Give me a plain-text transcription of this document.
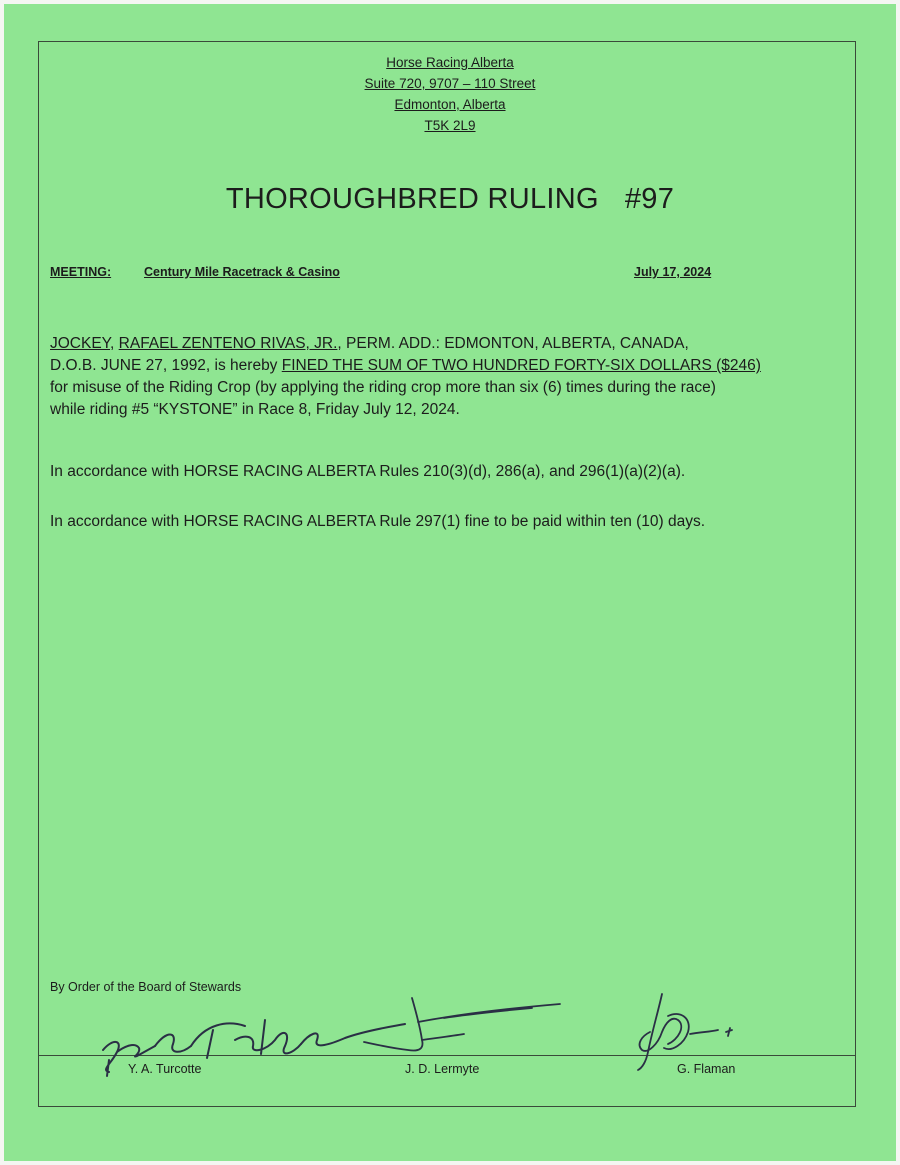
Horse Racing Alberta
Suite 720, 9707 – 110 Street
Edmonton, Alberta
T5K 2L9
THOROUGHBRED RULING #97
MEETING:	Century Mile Racetrack & Casino	July 17, 2024
JOCKEY, RAFAEL ZENTENO RIVAS, JR., PERM. ADD.: EDMONTON, ALBERTA, CANADA,
D.O.B. JUNE 27, 1992, is hereby FINED THE SUM OF TWO HUNDRED FORTY-SIX DOLLARS ($246)
for misuse of the Riding Crop (by applying the riding crop more than six (6) times during the race)
while riding #5 “KYSTONE” in Race 8, Friday July 12, 2024.
In accordance with HORSE RACING ALBERTA Rules 210(3)(d), 286(a), and 296(1)(a)(2)(a).
In accordance with HORSE RACING ALBERTA Rule 297(1) fine to be paid within ten (10) days.
By Order of the Board of Stewards
Y. A. Turcotte	J. D. Lermyte	G. Flaman
